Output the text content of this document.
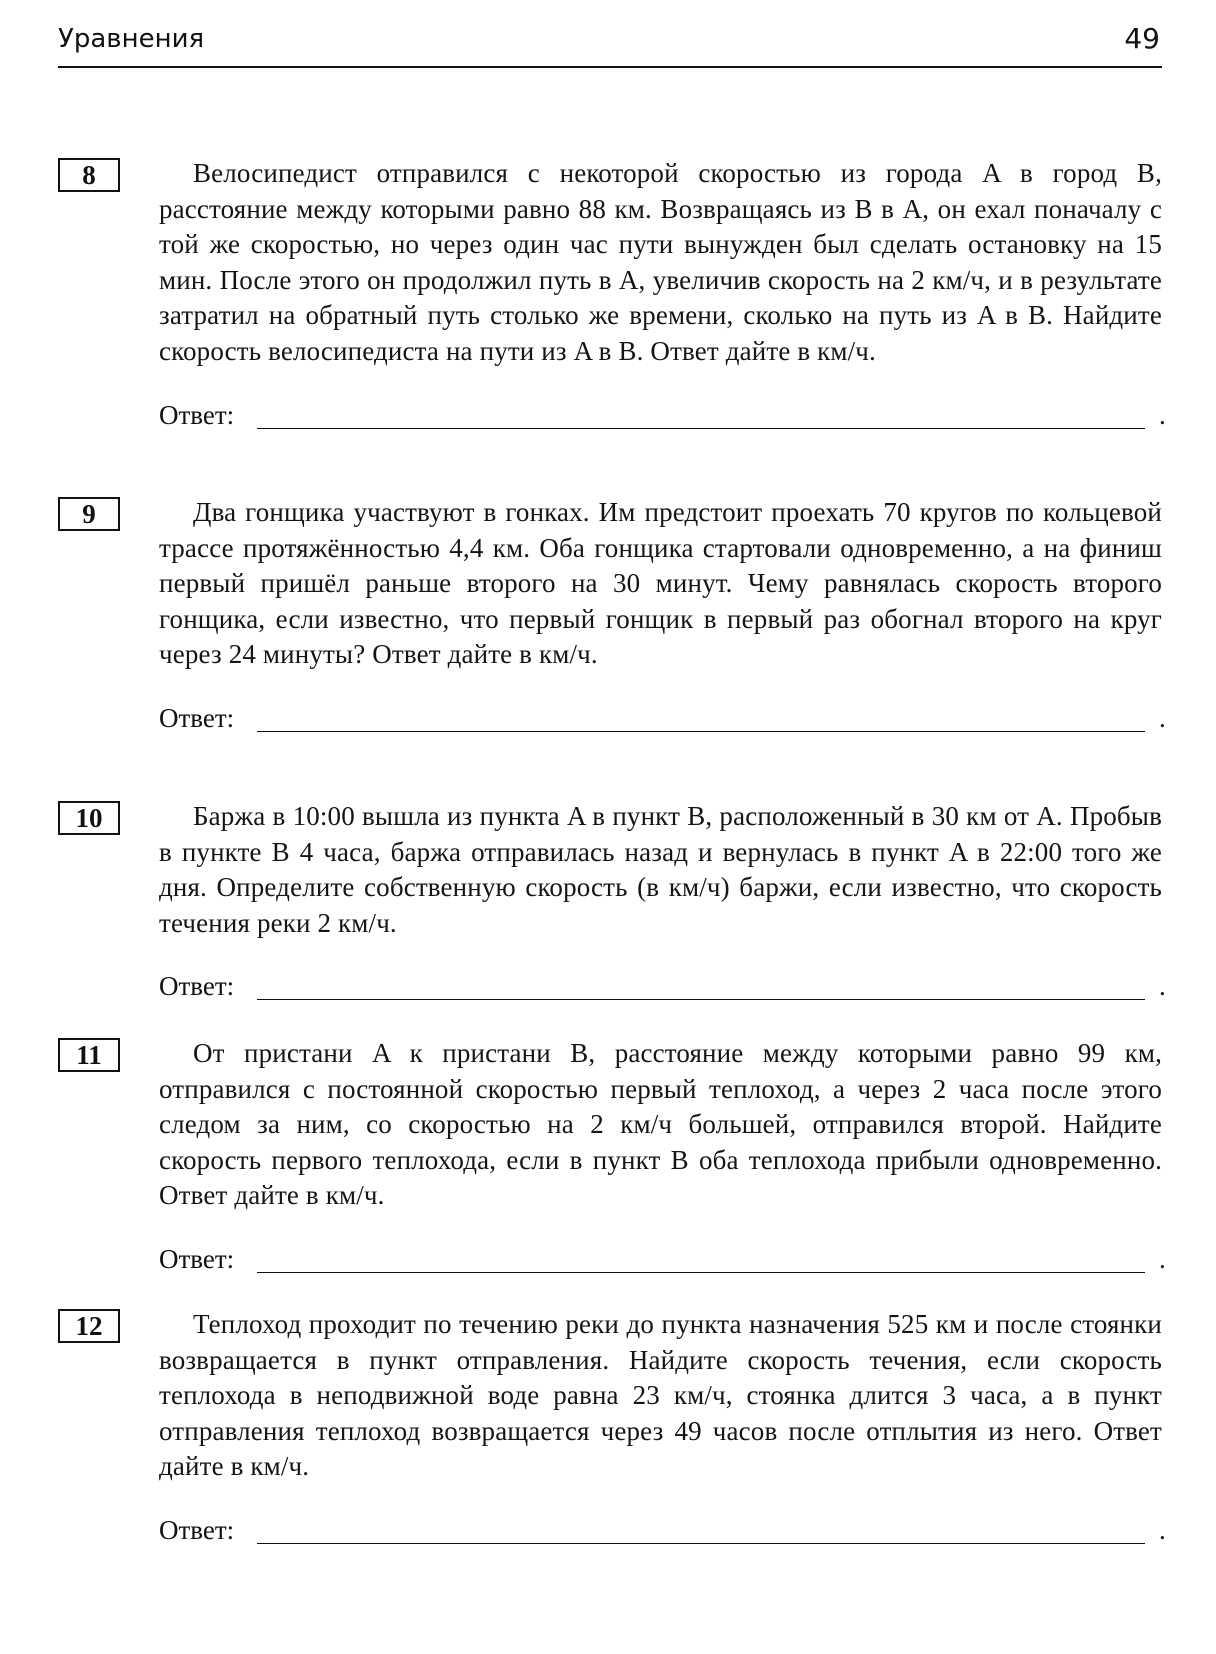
Уравнения	49
8	Велосипедист отправился с некоторой скоростью из города A в город B, расстояние между которыми равно 88 км. Возвращаясь из B в A, он ехал поначалу с той же скоростью, но через один час пути вынужден был сделать остановку на 15 мин. После этого он продолжил путь в A, увеличив скорость на 2 км/ч, и в результате затратил на обратный путь столько же времени, сколько на путь из A в B. Найдите скорость велосипедиста на пути из A в B. Ответ дайте в км/ч.

Ответ:	.
9	Два гонщика участвуют в гонках. Им предстоит проехать 70 кругов по кольцевой трассе протяжённостью 4,4 км. Оба гонщика стартовали одновременно, а на финиш первый пришёл раньше второго на 30 минут. Чему равнялась скорость второго гонщика, если известно, что первый гонщик в первый раз обогнал второго на круг через 24 минуты? Ответ дайте в км/ч.

Ответ:	.
10	Баржа в 10:00 вышла из пункта A в пункт B, расположенный в 30 км от A. Пробыв в пункте B 4 часа, баржа отправилась назад и вернулась в пункт A в 22:00 того же дня. Определите собственную скорость (в км/ч) баржи, если известно, что скорость течения реки 2 км/ч.

Ответ:	.
11	От пристани A к пристани B, расстояние между которыми равно 99 км, отправился с постоянной скоростью первый теплоход, а через 2 часа после этого следом за ним, со скоростью на 2 км/ч большей, отправился второй. Найдите скорость первого теплохода, если в пункт B оба теплохода прибыли одновременно. Ответ дайте в км/ч.

Ответ:	.
12	Теплоход проходит по течению реки до пункта назначения 525 км и после стоянки возвращается в пункт отправления. Найдите скорость течения, если скорость теплохода в неподвижной воде равна 23 км/ч, стоянка длится 3 часа, а в пункт отправления теплоход возвращается через 49 часов после отплытия из него. Ответ дайте в км/ч.

Ответ:	.
